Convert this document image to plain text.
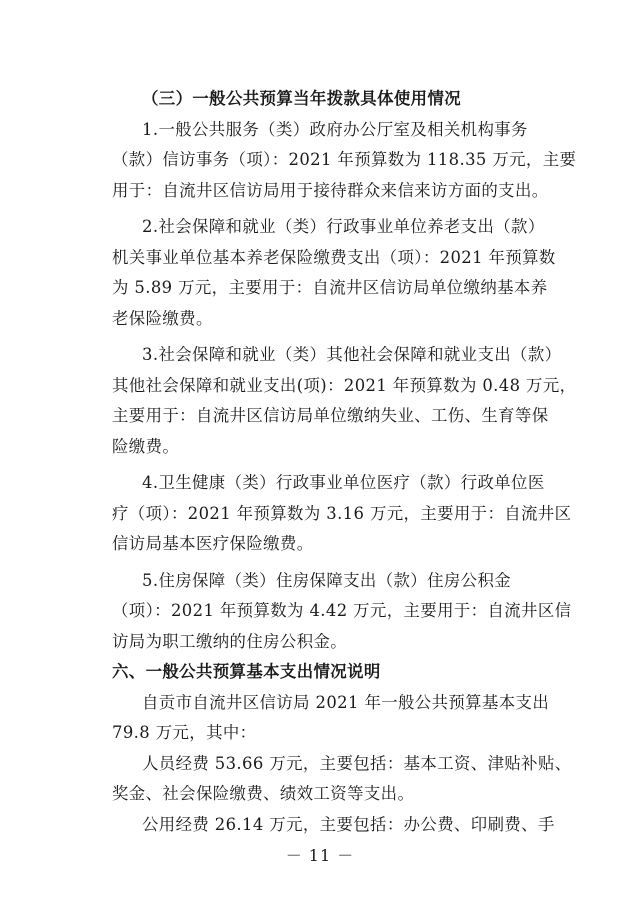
（三）一般公共预算当年拨款具体使用情况
1.一般公共服务（类）政府办公厅室及相关机构事务
（款）信访事务（项）：2021 年预算数为 118.35 万元，主要
用于：自流井区信访局用于接待群众来信来访方面的支出。
2.社会保障和就业（类）行政事业单位养老支出（款）
机关事业单位基本养老保险缴费支出（项）：2021 年预算数
为 5.89 万元，主要用于：自流井区信访局单位缴纳基本养
老保险缴费。
3.社会保障和就业（类）其他社会保障和就业支出（款）
其他社会保障和就业支出(项)：2021 年预算数为 0.48 万元，
主要用于：自流井区信访局单位缴纳失业、工伤、生育等保
险缴费。
4.卫生健康（类）行政事业单位医疗（款）行政单位医
疗（项）：2021 年预算数为 3.16 万元，主要用于：自流井区
信访局基本医疗保险缴费。
5.住房保障（类）住房保障支出（款）住房公积金
（项）：2021 年预算数为 4.42 万元，主要用于：自流井区信
访局为职工缴纳的住房公积金。
六、一般公共预算基本支出情况说明
自贡市自流井区信访局 2021 年一般公共预算基本支出
79.8 万元，其中：
人员经费 53.66 万元，主要包括：基本工资、津贴补贴、
奖金、社会保险缴费、绩效工资等支出。
公用经费 26.14 万元，主要包括：办公费、印刷费、手
－ 11 －
